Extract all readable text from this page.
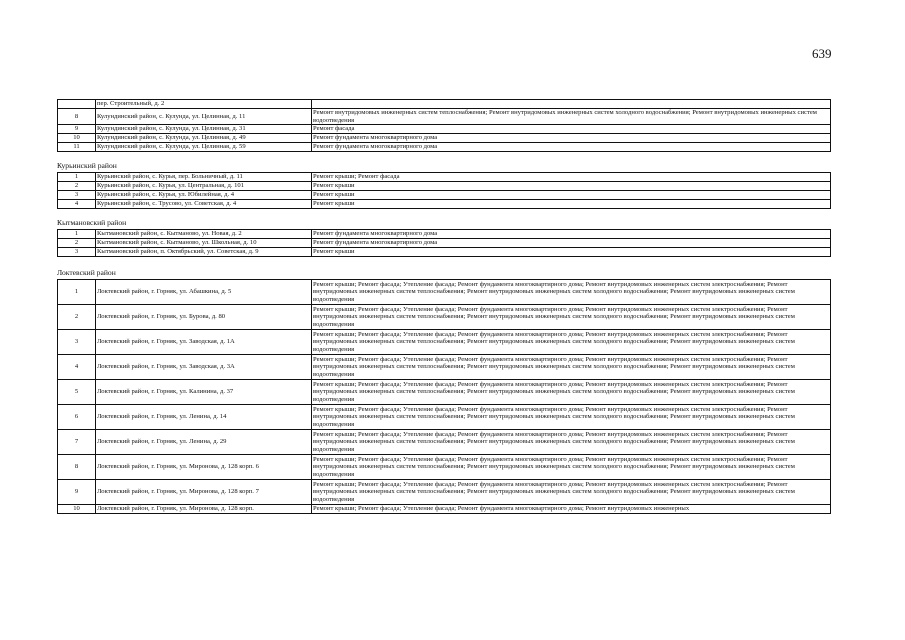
639
	пер. Строительный, д. 2	
8	Кулундинский район, с. Кулунда, ул. Целинная, д. 11	Ремонт внутридомовых инженерных систем теплоснабжения; Ремонт внутридомовых инженерных систем холодного водоснабжения; Ремонт внутридомовых инженерных систем водоотведения
9	Кулундинский район, с. Кулунда, ул. Целинная, д. 31	Ремонт фасада
10	Кулундинский район, с. Кулунда, ул. Целинная, д. 49	Ремонт фундамента многоквартирного дома
11	Кулундинский район, с. Кулунда, ул. Целинная, д. 59	Ремонт фундамента многоквартирного дома
Курьинский район
1	Курьинский район, с. Курья, пер. Больничный, д. 11	Ремонт крыши; Ремонт фасада
2	Курьинский район, с. Курья, ул. Центральная, д. 101	Ремонт крыши
3	Курьинский район, с. Курья, ул. Юбилейная, д. 4	Ремонт крыши
4	Курьинский район, с. Трусово, ул. Советская, д. 4	Ремонт крыши
Кытмановский район
1	Кытмановский район, с. Кытманово, ул. Новая, д. 2	Ремонт фундамента многоквартирного дома
2	Кытмановский район, с. Кытманово, ул. Школьная, д. 10	Ремонт фундамента многоквартирного дома
3	Кытмановский район, п. Октябрьский, ул. Советская, д. 9	Ремонт крыши
Локтевский район
1	Локтевский район, г. Горняк, ул. Абашкина, д. 5	Ремонт крыши; Ремонт фасада; Утепление фасада; Ремонт фундамента многоквартирного дома; Ремонт внутридомовых инженерных систем электроснабжения; Ремонт внутридомовых инженерных систем теплоснабжения; Ремонт внутридомовых инженерных систем холодного водоснабжения; Ремонт внутридомовых инженерных систем водоотведения
2	Локтевский район, г. Горняк, ул. Бурова, д. 80	Ремонт крыши; Ремонт фасада; Утепление фасада; Ремонт фундамента многоквартирного дома; Ремонт внутридомовых инженерных систем электроснабжения; Ремонт внутридомовых инженерных систем теплоснабжения; Ремонт внутридомовых инженерных систем холодного водоснабжения; Ремонт внутридомовых инженерных систем водоотведения
3	Локтевский район, г. Горняк, ул. Заводская, д. 1А	Ремонт крыши; Ремонт фасада; Утепление фасада; Ремонт фундамента многоквартирного дома; Ремонт внутридомовых инженерных систем электроснабжения; Ремонт внутридомовых инженерных систем теплоснабжения; Ремонт внутридомовых инженерных систем холодного водоснабжения; Ремонт внутридомовых инженерных систем водоотведения
4	Локтевский район, г. Горняк, ул. Заводская, д. 3А	Ремонт крыши; Ремонт фасада; Утепление фасада; Ремонт фундамента многоквартирного дома; Ремонт внутридомовых инженерных систем электроснабжения; Ремонт внутридомовых инженерных систем теплоснабжения; Ремонт внутридомовых инженерных систем холодного водоснабжения; Ремонт внутридомовых инженерных систем водоотведения
5	Локтевский район, г. Горняк, ул. Калинина, д. 37	Ремонт крыши; Ремонт фасада; Утепление фасада; Ремонт фундамента многоквартирного дома; Ремонт внутридомовых инженерных систем электроснабжения; Ремонт внутридомовых инженерных систем теплоснабжения; Ремонт внутридомовых инженерных систем холодного водоснабжения; Ремонт внутридомовых инженерных систем водоотведения
6	Локтевский район, г. Горняк, ул. Ленина, д. 14	Ремонт крыши; Ремонт фасада; Утепление фасада; Ремонт фундамента многоквартирного дома; Ремонт внутридомовых инженерных систем электроснабжения; Ремонт внутридомовых инженерных систем теплоснабжения; Ремонт внутридомовых инженерных систем холодного водоснабжения; Ремонт внутридомовых инженерных систем водоотведения
7	Локтевский район, г. Горняк, ул. Ленина, д. 29	Ремонт крыши; Ремонт фасада; Утепление фасада; Ремонт фундамента многоквартирного дома; Ремонт внутридомовых инженерных систем электроснабжения; Ремонт внутридомовых инженерных систем теплоснабжения; Ремонт внутридомовых инженерных систем холодного водоснабжения; Ремонт внутридомовых инженерных систем водоотведения
8	Локтевский район, г. Горняк, ул. Миронова, д. 128 корп. 6	Ремонт крыши; Ремонт фасада; Утепление фасада; Ремонт фундамента многоквартирного дома; Ремонт внутридомовых инженерных систем электроснабжения; Ремонт внутридомовых инженерных систем теплоснабжения; Ремонт внутридомовых инженерных систем холодного водоснабжения; Ремонт внутридомовых инженерных систем водоотведения
9	Локтевский район, г. Горняк, ул. Миронова, д. 128 корп. 7	Ремонт крыши; Ремонт фасада; Утепление фасада; Ремонт фундамента многоквартирного дома; Ремонт внутридомовых инженерных систем электроснабжения; Ремонт внутридомовых инженерных систем теплоснабжения; Ремонт внутридомовых инженерных систем холодного водоснабжения; Ремонт внутридомовых инженерных систем водоотведения
10	Локтевский район, г. Горняк, ул. Миронова, д. 128 корп.	Ремонт крыши; Ремонт фасада; Утепление фасада; Ремонт фундамента многоквартирного дома; Ремонт внутридомовых инженерных
